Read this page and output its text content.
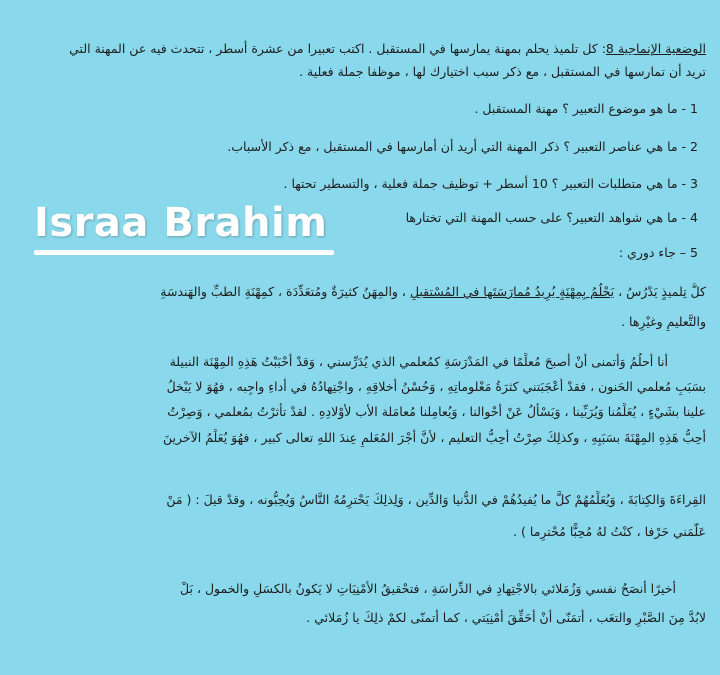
الوضعية الإنماجية 8: كل تلميذ يحلم بمهنة يمارسها في المستقبل . اكتب تعبيرا من عشرة أسطر ، تتحدث فيه عن المهنة التي
تريد أن تمارسها في المستقبل ، مع ذكر سبب اختيارك لها ، موظفا جملة فعلية .
1 - ما هو موضوع التعبير ؟ مهنة المستقبل .
2 - ما هي عناصر التعبير ؟ ذكر المهنة التي أريد أن أمارسها في المستقبل ، مع ذكر الأسباب.
3 - ما هي متطلبات التعبير ؟ 10 أسطر + توظيف جملة فعلية ، والتسطير تحتها .
4 - ما هي شواهد التعبير؟ على حسب المهنة التي تختارها
5 – جاء دوري :
كلُّ تِلميذٍ يَدْرُسُ ، يَحْلُمُ بِمِهْنَةٍ يُرِيدُ مُمارَسَتَها في المُسْتقبلِ ، والمِهَنُ كثيرَةٌ ومُتعَدِّدَة ، كمِهْنَةِ الطبِّ والهَندسَةِ
والتَّعليمِ وغيْرِها .
أنا أحلُمُ وَأتمنى أنْ أصبحَ مُعلِّمًا في المَدْرَسَةِ كمُعلمي الذي يُدَرِّسني ، وَقدْ أحْبَبْتُ هَذِهِ المِهْنَة النبيلة
بسَبَبِ مُعلمي الحَنون ، فقدْ أعْجَبَتني كثرَةُ مَعْلوماتِهِ ، وَحُسْنُ أخلاقِهِ ، واجْتِهادُهُ في أداءِ واجِبه ، فهُوَ لا يَبْخلُ
علينا بشَيْءٍ ، يُعَلِّمُنا وَيُرَبِّينا ، وَيَسْألُ عَنْ أحْوالنا ، وَيُعامِلنا مُعامَلة الأب لأوْلادِهِ . لقدْ تأثرْتُ بمُعلمي ، وَصِرْتُ
أحِبُّ هَذِهِ المِهْنَةَ بسَبَبِهِ ، وكذلِكَ صِرْتُ أحِبُّ التعليم ، لأنَّ أجْرَ المُعَلمِ عِندَ اللهِ تعالى كبير ، فهُوَ يُعَلِّمُ الآخرينَ
القِراءَةَ وَالكِتابَةَ ، وَيُعَلِّمُهُمْ كلَّ ما يُفيدُهُمْ في الدُّنيا وَالدِّين ، وَلِذلِكَ يَحْترِمُهُ النَّاسُ وَيُحِبُّونه ، وقدْ قيلَ : ( مَنْ
عَلَّمَني حَرْفا ، كنْتُ لهُ مُحِبًّا مُحْترِما ) .
أخيرًا أنصَحُ نفسي وَزُمَلائي بالاجْتِهادِ في الدِّراسَةِ ، فتحْقيقُ الأمْنِيَاتِ لا يَكونُ بالكسَلِ والخمول ، بَلْ
لابُدَّ مِنَ الصَّبْرِ والتعَب ، أتمَنّى أنْ أحَقِّقَ أمْنِيَتي ، كما أتمنّى لكمْ ذلِكَ يا زُمَلائي .
Israa Brahim
